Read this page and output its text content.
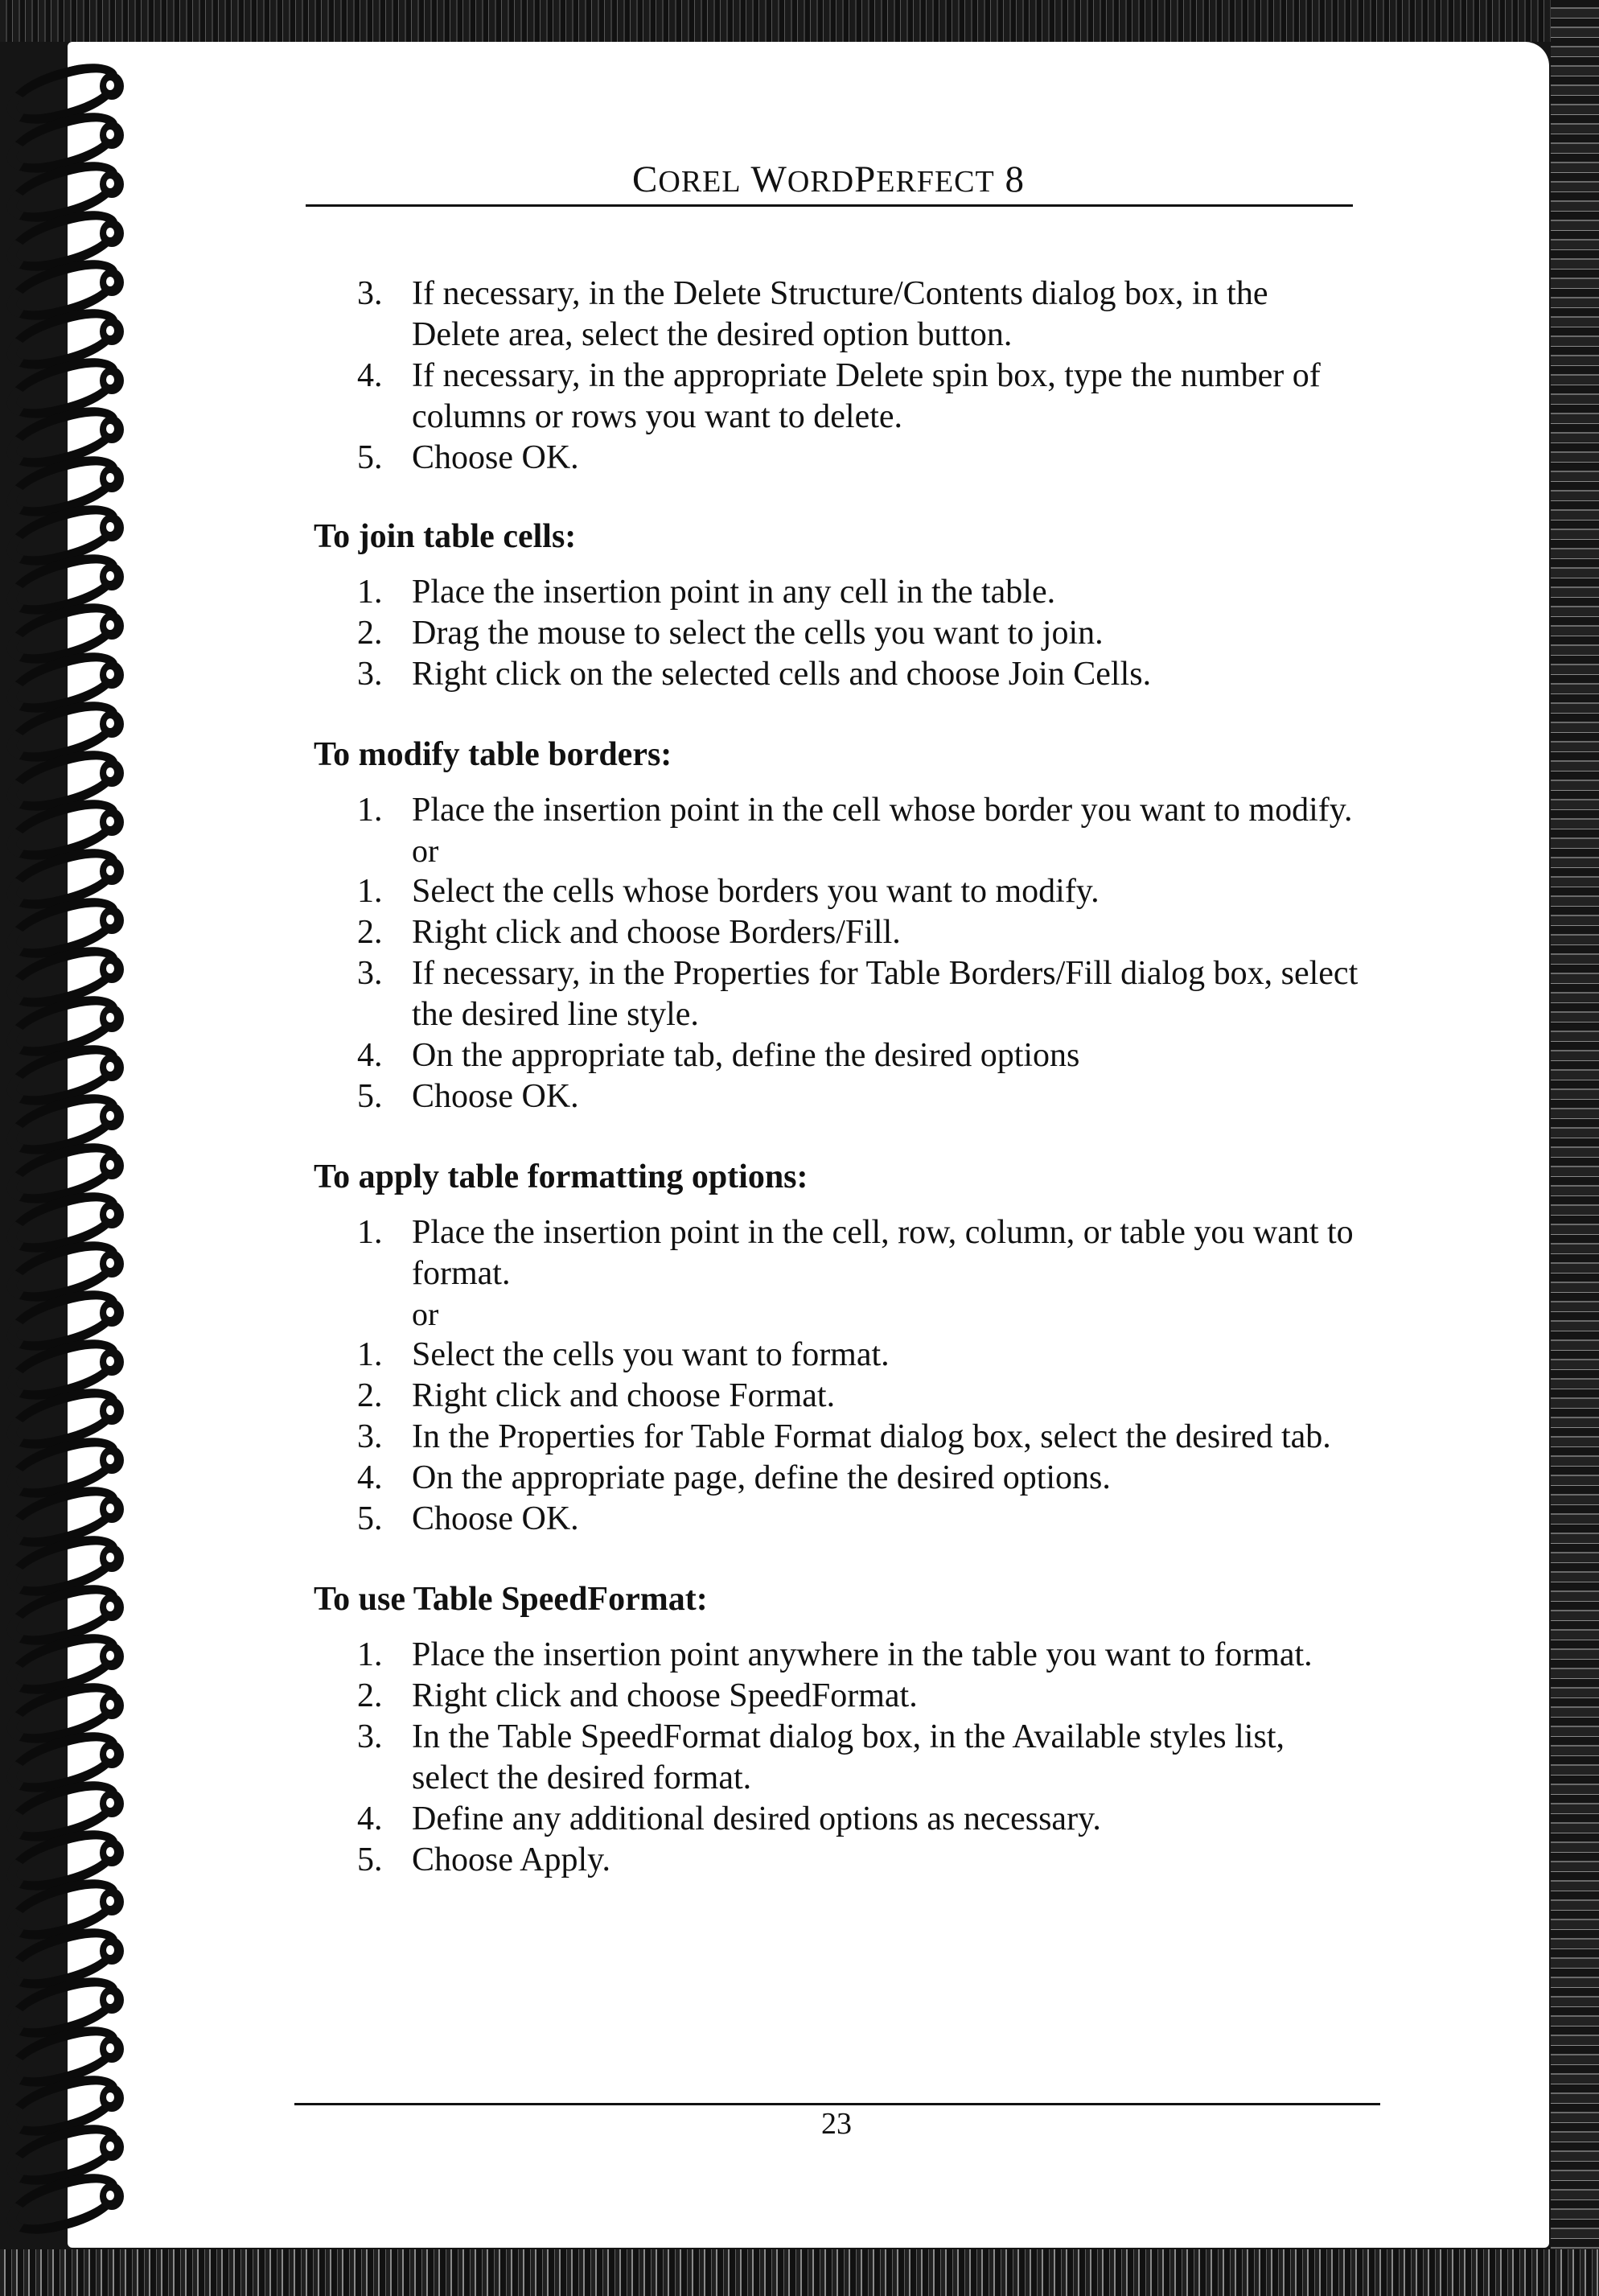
COREL WORDPERFECT 8
3. If necessary, in the Delete Structure/Contents dialog box, in the Delete area, select the desired option button.
4. If necessary, in the appropriate Delete spin box, type the number of columns or rows you want to delete.
5. Choose OK.
To join table cells:
1. Place the insertion point in any cell in the table.
2. Drag the mouse to select the cells you want to join.
3. Right click on the selected cells and choose Join Cells.
To modify table borders:
1. Place the insertion point in the cell whose border you want to modify.
or
1. Select the cells whose borders you want to modify.
2. Right click and choose Borders/Fill.
3. If necessary, in the Properties for Table Borders/Fill dialog box, select the desired line style.
4. On the appropriate tab, define the desired options
5. Choose OK.
To apply table formatting options:
1. Place the insertion point in the cell, row, column, or table you want to format.
or
1. Select the cells you want to format.
2. Right click and choose Format.
3. In the Properties for Table Format dialog box, select the desired tab.
4. On the appropriate page, define the desired options.
5. Choose OK.
To use Table SpeedFormat:
1. Place the insertion point anywhere in the table you want to format.
2. Right click and choose SpeedFormat.
3. In the Table SpeedFormat dialog box, in the Available styles list, select the desired format.
4. Define any additional desired options as necessary.
5. Choose Apply.
23
